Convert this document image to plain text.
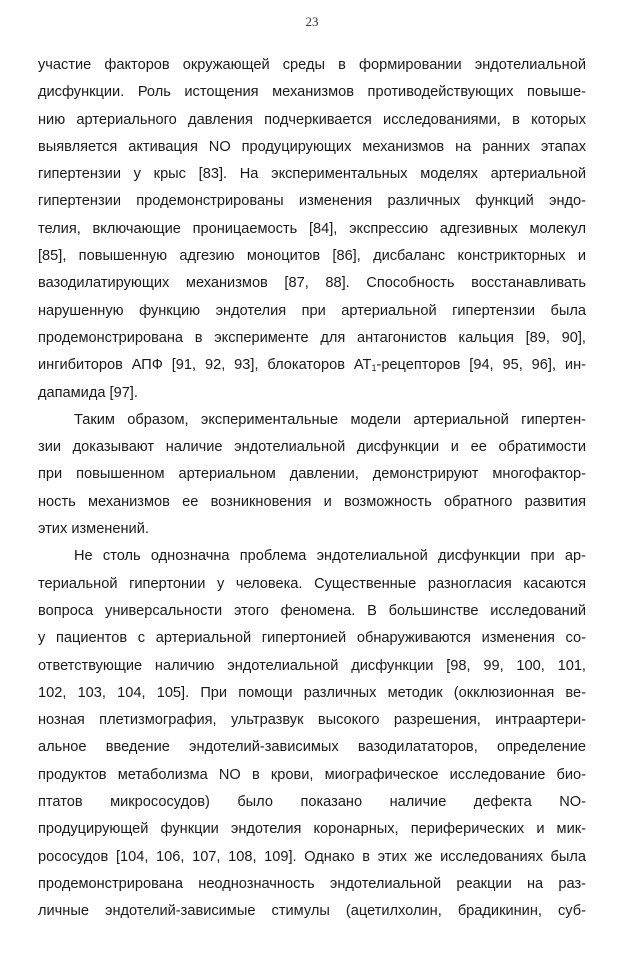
23
участие факторов окружающей среды в формировании эндотелиальной
дисфункции. Роль истощения механизмов противодействующих повыше-
нию артериального давления подчеркивается исследованиями, в которых
выявляется активация NO продуцирующих механизмов на ранних этапах
гипертензии у крыс [83]. На экспериментальных моделях артериальной
гипертензии продемонстрированы изменения различных функций эндо-
телия, включающие проницаемость [84], экспрессию адгезивных молекул
[85], повышенную адгезию моноцитов [86], дисбаланс констрикторных и
вазодилатирующих механизмов [87, 88]. Способность восстанавливать
нарушенную функцию эндотелия при артериальной гипертензии была
продемонстрирована в эксперименте для антагонистов кальция [89, 90],
ингибиторов АПФ [91, 92, 93], блокаторов $АТ_1$-рецепторов [94, 95, 96], ин-
дапамида [97].
Таким образом, экспериментальные модели артериальной гипертен-
зии доказывают наличие эндотелиальной дисфункции и ее обратимости
при повышенном артериальном давлении, демонстрируют многофактор-
ность механизмов ее возникновения и возможность обратного развития
этих изменений.
Не столь однозначна проблема эндотелиальной дисфункции при ар-
териальной гипертонии у человека. Существенные разногласия касаются
вопроса универсальности этого феномена. В большинстве исследований
у пациентов с артериальной гипертонией обнаруживаются изменения со-
ответствующие наличию эндотелиальной дисфункции [98, 99, 100, 101,
102, 103, 104, 105]. При помощи различных методик (окклюзионная ве-
нозная плетизмография, ультразвук высокого разрешения, интраартери-
альное введение эндотелий-зависимых вазодилататоров, определение
продуктов метаболизма NO в крови, миографическое исследование био-
птатов микрососудов) было показано наличие дефекта NO-
продуцирующей функции эндотелия коронарных, периферических и мик-
рососудов [104, 106, 107, 108, 109]. Однако в этих же исследованиях была
продемонстрирована неоднозначность эндотелиальной реакции на раз-
личные эндотелий-зависимые стимулы (ацетилхолин, брадикинин, суб-
